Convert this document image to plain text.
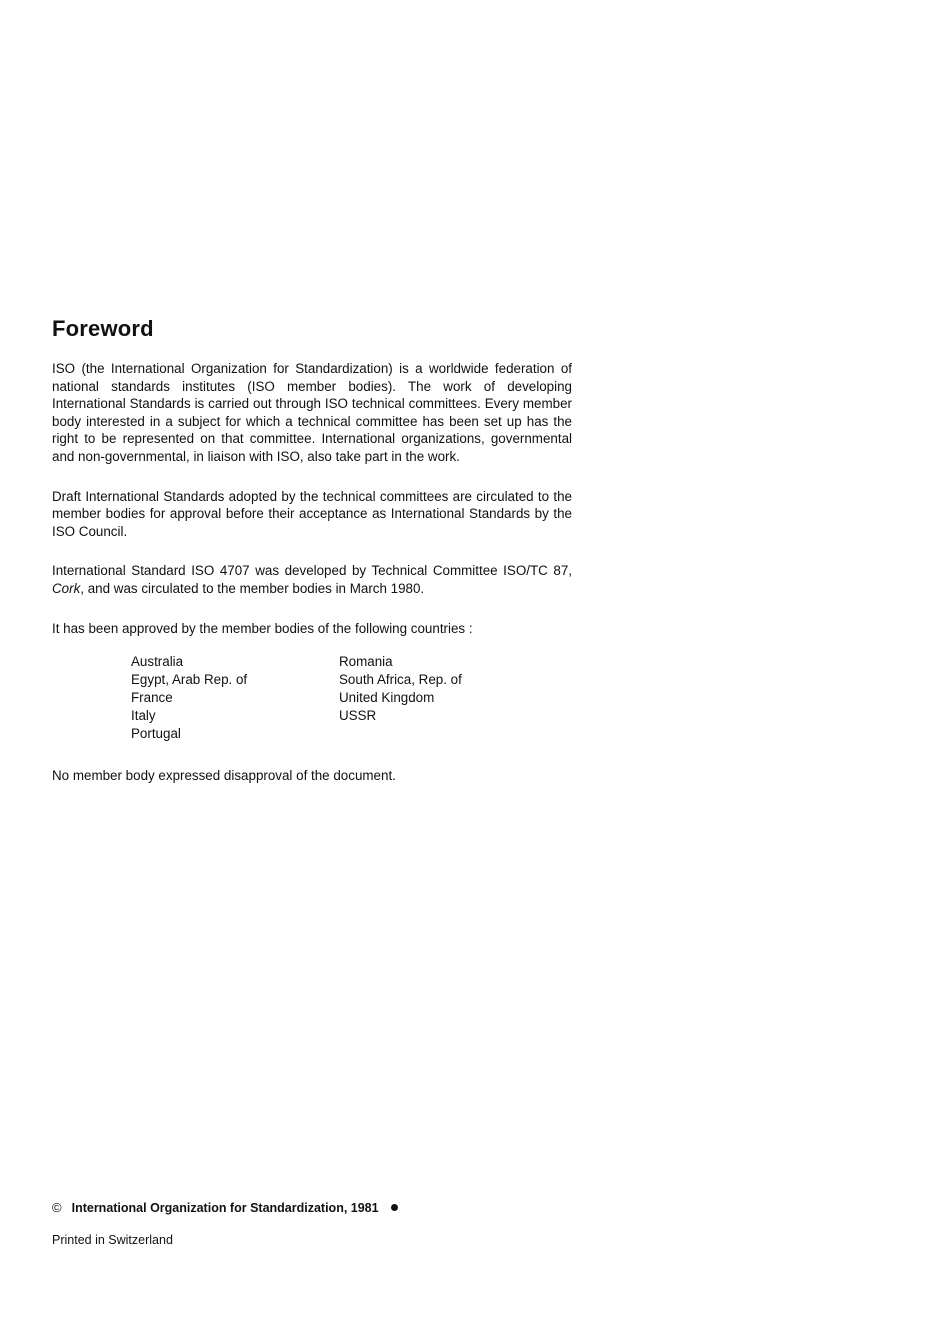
Foreword

ISO (the International Organization for Standardization) is a worldwide federation of national standards institutes (ISO member bodies). The work of developing International Standards is carried out through ISO technical committees. Every member body interested in a subject for which a technical committee has been set up has the right to be represented on that committee. International organizations, governmental and non-governmental, in liaison with ISO, also take part in the work.

Draft International Standards adopted by the technical committees are circulated to the member bodies for approval before their acceptance as International Standards by the ISO Council.

International Standard ISO 4707 was developed by Technical Committee ISO/TC 87, Cork, and was circulated to the member bodies in March 1980.

It has been approved by the member bodies of the following countries :

Australia
Egypt, Arab Rep. of
France
Italy
Portugal
Romania
South Africa, Rep. of
United Kingdom
USSR

No member body expressed disapproval of the document.

© International Organization for Standardization, 1981
Printed in Switzerland
